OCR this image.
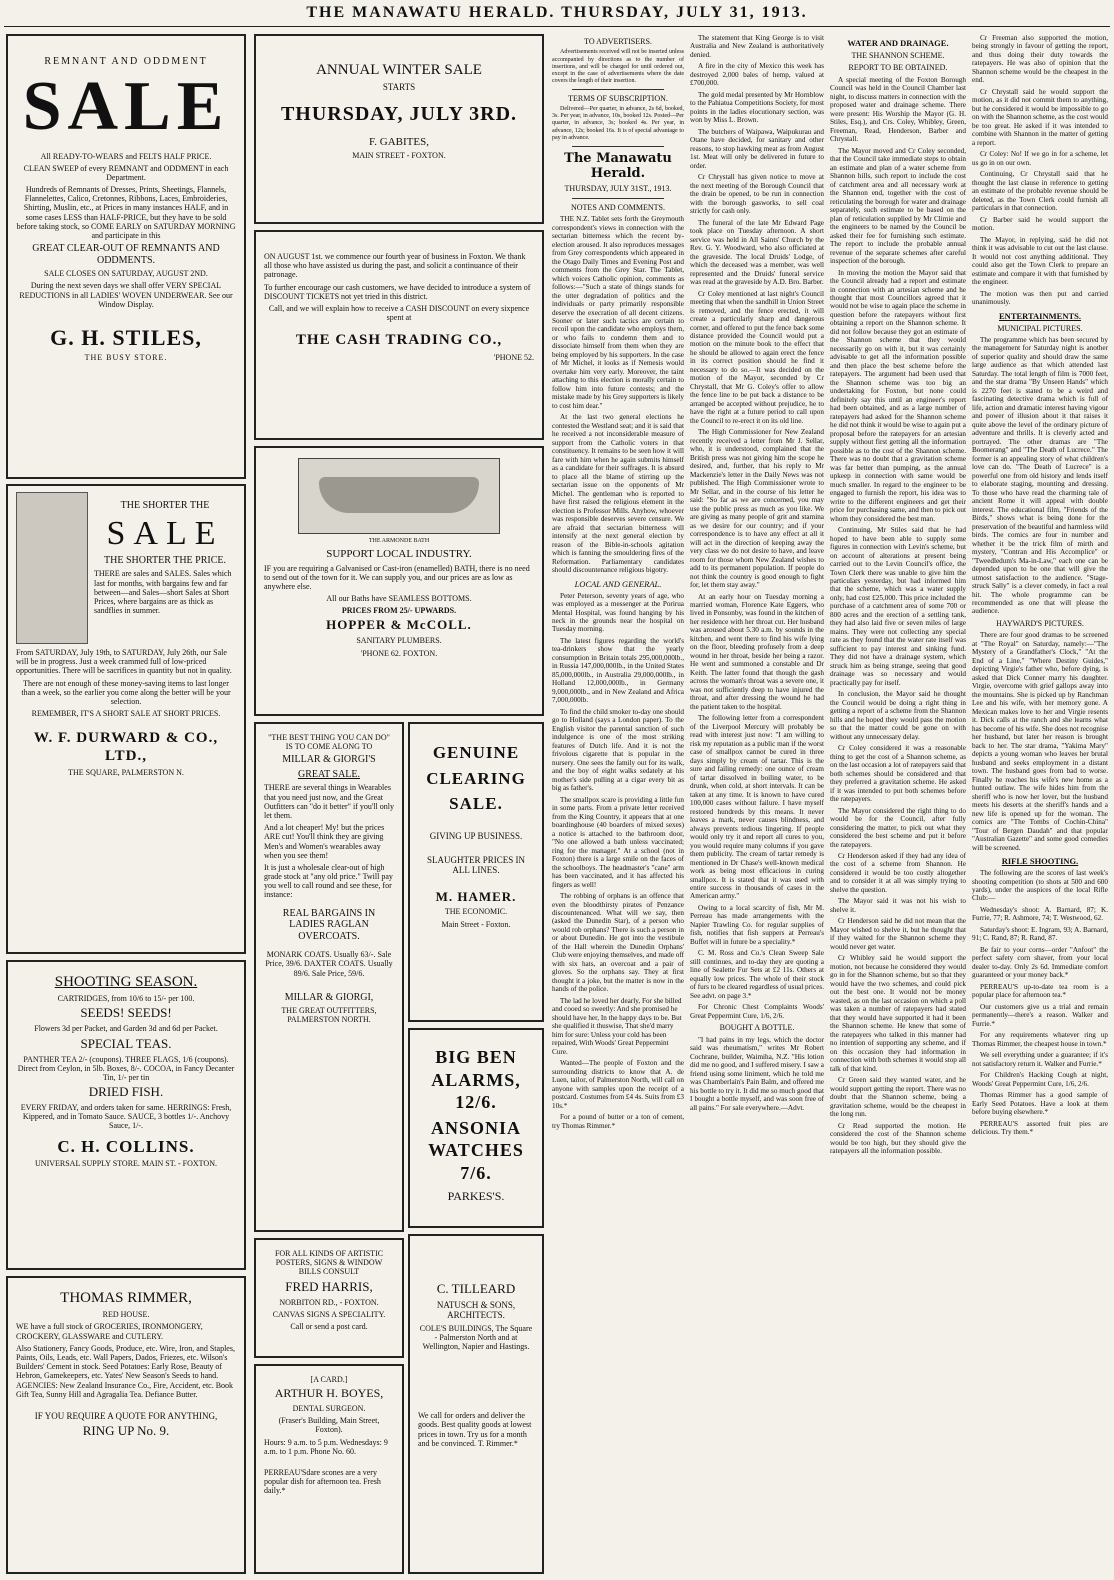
THE MANAWATU HERALD. THURSDAY, JULY 31, 1913.

REMNANT AND ODDMENT

SALE

All READY-TO-WEARS and FELTS HALF PRICE.

CLEAN SWEEP of every REMNANT and ODDMENT in each Department.

Hundreds of Remnants of Dresses, Prints, Sheetings, Flannels, Flannelettes, Calico, Cretonnes, Ribbons, Laces, Embroideries, Shirting, Muslin, etc., at Prices in many instances HALF, and in some cases LESS than HALF-PRICE, but they have to be sold before taking stock, so COME EARLY on SATURDAY MORNING and participate in this

GREAT CLEAR-OUT OF REMNANTS AND ODDMENTS.

SALE CLOSES ON SATURDAY, AUGUST 2ND.

During the next seven days we shall offer VERY SPECIAL REDUCTIONS in all LADIES' WOVEN UNDERWEAR. See our Window Display.

G. H. STILES,

THE BUSY STORE.

THE SHORTER THE

SALE

THE SHORTER THE PRICE.

THERE are sales and SALES. Sales which last for months, with bargains few and far between—and Sales—short Sales at Short Prices, where bargains are as thick as sandflies in summer.

From SATURDAY, July 19th, to SATURDAY, July 26th, our Sale will be in progress. Just a week crammed full of low-priced opportunities. There will be sacrifices in quantity but not in quality.

There are not enough of these money-saving items to last longer than a week, so the earlier you come along the better will be your selection.

REMEMBER, IT'S A SHORT SALE AT SHORT PRICES.

W. F. DURWARD & CO., LTD.,

THE SQUARE, PALMERSTON N.

SHOOTING SEASON.

CARTRIDGES, from 10/6 to 15/- per 100.

SEEDS! SEEDS!

Flowers 3d per Packet, and Garden 3d and 6d per Packet.

SPECIAL TEAS.

PANTHER TEA 2/- (coupons). THREE FLAGS, 1/6 (coupons). Direct from Ceylon, in 5lb. Boxes, 8/-. COCOA, in Fancy Decanter Tin, 1/- per tin

DRIED FISH.

EVERY FRIDAY, and orders taken for same. HERRINGS: Fresh, Kippered, and in Tomato Sauce. SAUCE, 3 bottles 1/-. Anchovy Sauce, 1/-.

C. H. COLLINS.

UNIVERSAL SUPPLY STORE. MAIN ST. - FOXTON.

THOMAS RIMMER,

RED HOUSE.

WE have a full stock of GROCERIES, IRONMONGERY, CROCKERY, GLASSWARE and CUTLERY.

Also Stationery, Fancy Goods, Produce, etc. Wire, Iron, and Staples, Paints, Oils, Leads, etc. Wall Papers, Dados, Friezes, etc. Wilson's Builders' Cement in stock. Seed Potatoes: Early Rose, Beauty of Hebron, Gamekeepers, etc. Yates' New Season's Seeds to hand. AGENCIES: New Zealand Insurance Co., Fire, Accident, etc. Book Gift Tea, Sunny Hill and Agragalia Tea. Defiance Butter.

IF YOU REQUIRE A QUOTE FOR ANYTHING,

RING UP No. 9.

ANNUAL WINTER SALE

STARTS

THURSDAY, JULY 3RD.

F. GABITES,

MAIN STREET - FOXTON.

ON AUGUST 1st. we commence our fourth year of business in Foxton. We thank all those who have assisted us during the past, and solicit a continuance of their patronage.

To further encourage our cash customers, we have decided to introduce a system of DISCOUNT TICKETS not yet tried in this district.

Call, and we will explain how to receive a CASH DISCOUNT on every sixpence spent at

THE CASH TRADING CO.,

'PHONE 52.

THE ARMONDE BATH

SUPPORT LOCAL INDUSTRY.

IF you are requiring a Galvanised or Cast-iron (enamelled) BATH, there is no need to send out of the town for it. We can supply you, and our prices are as low as anywhere else.

All our Baths have SEAMLESS BOTTOMS.

PRICES FROM 25/- UPWARDS.

HOPPER & McCOLL.

SANITARY PLUMBERS.

'PHONE 62. FOXTON.

"THE BEST THING YOU CAN DO" IS TO COME ALONG TO

MILLAR & GIORGI'S

GREAT SALE.

THERE are several things in Wearables that you need just now, and the Great Outfitters can "do it better" if you'll only let them.

And a lot cheaper! My! but the prices ARE cut! You'll think they are giving Men's and Women's wearables away when you see them!

It is just a wholesale clear-out of high grade stock at "any old price." Twill pay you well to call round and see these, for instance:

REAL BARGAINS IN LADIES RAGLAN OVERCOATS.

MONARK COATS. Usually 63/-. Sale Price, 39/6. DAXTER COATS. Usually 89/6. Sale Price, 59/6.

MILLAR & GIORGI,

THE GREAT OUTFITTERS, PALMERSTON NORTH.

FOR ALL KINDS OF ARTISTIC POSTERS, SIGNS & WINDOW BILLS CONSULT

FRED HARRIS,

NORBITON RD., - FOXTON.

CANVAS SIGNS A SPECIALITY.

Call or send a post card.

[A CARD.]

ARTHUR H. BOYES,

DENTAL SURGEON.

(Fraser's Building, Main Street, Foxton).

Hours: 9 a.m. to 5 p.m. Wednesdays: 9 a.m. to 1 p.m. Phone No. 60.

PERREAU'Sdare scones are a very popular dish for afternoon tea. Fresh daily.*

GENUINE CLEARING SALE.

GIVING UP BUSINESS.

SLAUGHTER PRICES IN ALL LINES.

M. HAMER.

THE ECONOMIC.

Main Street - Foxton.

BIG BEN ALARMS, 12/6.

ANSONIA WATCHES 7/6.

PARKES'S.

C. TILLEARD

NATUSCH & SONS, ARCHITECTS.

COLE'S BUILDINGS, The Square - Palmerston North and at Wellington, Napier and Hastings.

We call for orders and deliver the goods. Best quality goods at lowest prices in town. Try us for a month and be convinced. T. Rimmer.*

TO ADVERTISERS.

Advertisements received will not be inserted unless accompanied by directions as to the number of insertions, and will be charged for until ordered out, except in the case of advertisements where the date covers the length of their insertion.

TERMS OF SUBSCRIPTION.

Delivered—Per quarter, in advance, 2s 6d, booked, 3s. Per year, in advance, 10s, booked 12s. Posted—Per quarter, in advance, 3s; booked 4s. Per year, in advance, 12s; booked 16s. It is of special advantage to pay in advance.

The Manawatu Herald.
THURSDAY, JULY 31ST., 1913.
NOTES AND COMMENTS.

THE N.Z. Tablet sets forth the Greymouth correspondent's views in connection with the sectarian bitterness which the recent by-election aroused. It also reproduces messages from Grey correspondents which appeared in the Otago Daily Times and Evening Post and comments from the Grey Star. The Tablet, which voices Catholic opinion, comments as follows:—"Such a state of things stands for the utter degradation of politics and the individuals or party primarily responsible deserve the execration of all decent citizens. Sooner or later such tactics are certain to recoil upon the candidate who employs them, or who fails to condemn them and to dissociate himself from them when they are being employed by his supporters. In the case of Mr Michel, it looks as if Nemesis would overtake him very early. Moreover, the taint attaching to this election is morally certain to follow him into future contests; and the mistake made by his Grey supporters is likely to cost him dear."

At the last two general elections he contested the Westland seat; and it is said that he received a not inconsiderable measure of support from the Catholic voters in that constituency. It remains to be seen how it will fare with him when he again submits himself as a candidate for their suffrages. It is absurd to place all the blame of stirring up the sectarian issue on the opponents of Mr Michel. The gentleman who is reported to have first raised the religious element in the election is Professor Mills. Anyhow, whoever was responsible deserves severe censure. We are afraid that sectarian bitterness will intensify at the next general election by reason of the Bible-in-schools agitation which is fanning the smouldering fires of the Reformation. Parliamentary candidates should discountenance religious bigotry.

LOCAL AND GENERAL.

Peter Peterson, seventy years of age, who was employed as a messenger at the Porirua Mental Hospital, was found hanging by his neck in the grounds near the hospital on Tuesday morning.

The latest figures regarding the world's tea-drinkers show that the yearly consumption in Britain totals 295,000,000lb., in Russia 147,000,000lb., in the United States 85,000,000lb., in Australia 29,000,000lb., in Holland 12,000,000lb., in Germany 9,000,000lb., and in New Zealand and Africa 7,000,000lb.

To find the child smoker to-day one should go to Holland (says a London paper). To the English visitor the parental sanction of such indulgence is one of the most striking features of Dutch life. And it is not the frivolous cigarette that is popular in the nursery. One sees the family out for its walk, and the boy of eight walks sedately at his mother's side pulling at a cigar every bit as big as father's.

The smallpox scare is providing a little fun in some parts. From a private letter received from the King Country, it appears that at one boardinghouse (40 boarders of mixed sexes) a notice is attached to the bathroom door, "No one allowed a bath unless vaccinated; ring for the manager." At a school (not in Foxton) there is a large smile on the faces of the schoolboys. The headmaster's "cane" arm has been vaccinated, and it has affected his fingers as well!

The robbing of orphans is an offence that even the bloodthirsty pirates of Penzance discountenanced. What will we say, then (asked the Dunedin Star), of a person who would rob orphans? There is such a person in or about Dunedin. He got into the vestibule of the Hall wherein the Dunedin Orphans' Club were enjoying themselves, and made off with six hats, an overcoat and a pair of gloves. So the orphans say. They at first thought it a joke, but the matter is now in the hands of the police.

The lad he loved her dearly, For she billed and cooed so sweetly: And she promised he should have her, In the happy days to be. But she qualified it thuswise, That she'd marry him for sure: Unless your cold has been repaired, With Woods' Great Peppermint Cure.

Wanted—The people of Foxton and the surrounding districts to know that A. de Luen, tailor, of Palmerston North, will call on anyone with samples upon the receipt of a postcard. Costumes from £4 4s. Suits from £3 10s.*

For a pound of butter or a ton of cement, try Thomas Rimmer.*

The statement that King George is to visit Australia and New Zealand is authoritatively denied.

A fire in the city of Mexico this week has destroyed 2,000 bales of hemp, valued at £700,000.

The gold medal presented by Mr Hornblow to the Pahiatua Competitions Society, for most points in the ladies elocutionary section, was won by Miss L. Brown.

The butchers of Waipawa, Waipukurau and Otane have decided, for sanitary and other reasons, to stop hawking meat as from August 1st. Meat will only be delivered in future to order.

Cr Chrystall has given notice to move at the next meeting of the Borough Council that the drain be opened, to be run in connection with the borough gasworks, to sell coal strictly for cash only.

The funeral of the late Mr Edward Page took place on Tuesday afternoon. A short service was held in All Saints' Church by the Rev. G. Y. Woodward, who also officiated at the graveside. The local Druids' Lodge, of which the deceased was a member, was well represented and the Druids' funeral service was read at the graveside by A.D. Bro. Barber.

Cr Coley mentioned at last night's Council meeting that when the sandhill in Union Street is removed, and the fence erected, it will create a particularly sharp and dangerous corner, and offered to put the fence back some distance provided the Council would put a motion on the minute book to the effect that he should be allowed to again erect the fence in its correct position should he find it necessary to do so.—It was decided on the motion of the Mayor, seconded by Cr Chrystall, that Mr G. Coley's offer to allow the fence line to be put back a distance to be arranged be accepted without prejudice, he to have the right at a future period to call upon the Council to re-erect it on its old line.

The High Commissioner for New Zealand recently received a letter from Mr J. Sellar, who, it is understood, complained that the British press was not giving him the scope he desired, and, further, that his reply to Mr Mackenzie's letter in the Daily News was not published. The High Commissioner wrote to Mr Sellar, and in the course of his letter he said: "So far as we are concerned, you may use the public press as much as you like. We are giving as many people of grit and stamina as we desire for our country; and if your correspondence is to have any effect at all it will act in the direction of keeping away the very class we do not desire to have, and leave room for those whom New Zealand wishes to add to its permanent population. If people do not think the country is good enough to fight for, let them stay away."

At an early hour on Tuesday morning a married woman, Florence Kate Eggers, who lived in Ponsonby, was found in the kitchen of her residence with her throat cut. Her husband was aroused about 5.30 a.m. by sounds in the kitchen, and went there to find his wife lying on the floor, bleeding profusely from a deep wound in her throat, beside her being a razor. He went and summoned a constable and Dr Keith. The latter found that though the gash across the woman's throat was a severe one, it was not sufficiently deep to have injured the throat, and after dressing the wound he had the patient taken to the hospital.

The following letter from a correspondent of the Liverpool Mercury will probably be read with interest just now: "I am willing to risk my reputation as a public man if the worst case of smallpox cannot be cured in three days simply by cream of tartar. This is the sure and failing remedy: one ounce of cream of tartar dissolved in boiling water, to be drunk, when cold, at short intervals. It can be taken at any time. It is known to have cured 100,000 cases without failure. I have myself restored hundreds by this means. It never leaves a mark, never causes blindness, and always prevents tedious lingering. If people would only try it and report all cures to you, you would require many columns if you gave them publicity. The cream of tartar remedy is mentioned in Dr Chase's well-known medical work as being most efficacious in curing smallpox. It is stated that it was used with entire success in thousands of cases in the American army."

Owing to a local scarcity of fish, Mr M. Perreau has made arrangements with the Napier Trawling Co. for regular supplies of fish, notifies that fish suppers at Perreau's Buffet will in future be a speciality.*

C. M. Ross and Co.'s Clean Sweep Sale still continues, and to-day they are quoting a line of Sealette Fur Sets at £2 11s. Others at equally low prices. The whole of their stock of furs to be cleared regardless of usual prices. See advt. on page 3.*

For Chronic Chest Complaints Woods' Great Peppermint Cure, 1/6, 2/6.

BOUGHT A BOTTLE.

"I had pains in my legs, which the doctor said was rheumatism," writes Mr Robert Cochrane, builder, Waimiha, N.Z. "His lotion did me no good, and I suffered misery. I saw a friend using some liniment, which he told me was Chamberlain's Pain Balm, and offered me his bottle to try it. It did me so much good that I bought a bottle myself, and was soon free of all pains." For sale everywhere.—Advt.

WATER AND DRAINAGE.
THE SHANNON SCHEME.
REPORT TO BE OBTAINED.

A special meeting of the Foxton Borough Council was held in the Council Chamber last night, to discuss matters in connection with the proposed water and drainage scheme. There were present: His Worship the Mayor (G. H. Stiles, Esq.), and Crs. Coley, Whibley, Green, Freeman, Read, Henderson, Barber and Chrystall.

The Mayor moved and Cr Coley seconded, that the Council take immediate steps to obtain an estimate and plan of a water scheme from Shannon hills, such report to include the cost of catchment area and all necessary work at the Shannon end, together with the cost of reticulating the borough for water and drainage separately, such estimate to be based on the plan of reticulation supplied by Mr Climie and the engineers to be named by the Council be asked their fee for furnishing such estimate. The report to include the probable annual revenue of the separate schemes after careful inspection of the borough.

In moving the motion the Mayor said that the Council already had a report and estimate in connection with an artesian scheme and he thought that most Councillors agreed that it would not be wise to again place the scheme in question before the ratepayers without first obtaining a report on the Shannon scheme. It did not follow because they got an estimate of the Shannon scheme that they would necessarily go on with it, but it was certainly advisable to get all the information possible and then place the best scheme before the ratepayers. The argument had been used that the Shannon scheme was too big an undertaking for Foxton, but none could definitely say this until an engineer's report had been obtained, and as a large number of ratepayers had asked for the Shannon scheme he did not think it would be wise to again put a proposal before the ratepayers for an artesian supply without first getting all the information possible as to the cost of the Shannon scheme. There was no doubt that a gravitation scheme was far better than pumping, as the annual upkeep in connection with same would be much smaller. In regard to the engineer to be engaged to furnish the report, his idea was to write to the different engineers and get their price for purchasing same, and then to pick out whom they considered the best man.

Continuing, Mr Stiles said that he had hoped to have been able to supply some figures in connection with Levin's scheme, but on account of alterations at present being carried out to the Levin Council's office, the Town Clerk there was unable to give him the particulars yesterday, but had informed him that the scheme, which was a water supply only, had cost £25,000. This price included the purchase of a catchment area of some 700 or 800 acres and the erection of a settling tank, they had also laid five or seven miles of large mains. They were not collecting any special rate as they found that the water rate itself was sufficient to pay interest and sinking fund. They did not have a drainage system, which struck him as being strange, seeing that good drainage was so necessary and would practically pay for itself.

In conclusion, the Mayor said he thought the Council would be doing a right thing in getting a report of a scheme from the Shannon hills and he hoped they would pass the motion so that the matter could be gone on with without any unnecessary delay.

Cr Coley considered it was a reasonable thing to get the cost of a Shannon scheme, as on the last occasion a lot of ratepayers said that both schemes should be considered and that they preferred a gravitation scheme. He asked if it was intended to put both schemes before the ratepayers.

The Mayor considered the right thing to do would be for the Council, after fully considering the matter, to pick out what they considered the best scheme and put it before the ratepayers.

Cr Henderson asked if they had any idea of the cost of a scheme from Shannon. He considered it would be too costly altogether and to consider it at all was simply trying to shelve the question.

The Mayor said it was not his wish to shelve it.

Cr Henderson said he did not mean that the Mayor wished to shelve it, but he thought that if they waited for the Shannon scheme they would never get water.

Cr Whibley said he would support the motion, not because he considered they would go in for the Shannon scheme, but so that they would have the two schemes, and could pick out the best one. It would not be money wasted, as on the last occasion on which a poll was taken a number of ratepayers had stated that they would have supported it had it been the Shannon scheme. He knew that some of the ratepayers who talked in this manner had no intention of supporting any scheme, and if on this occasion they had information in connection with both schemes it would stop all talk of that kind.

Cr Green said they wanted water, and he would support getting the report. There was no doubt that the Shannon scheme, being a gravitation scheme, would be the cheapest in the long run.

Cr Read supported the motion. He considered the cost of the Shannon scheme would be too high, but they should give the ratepayers all the information possible.

Cr Freeman also supported the motion, being strongly in favour of getting the report, and thus doing their duty towards the ratepayers. He was also of opinion that the Shannon scheme would be the cheapest in the end.

Cr Chrystall said he would support the motion, as it did not commit them to anything, but he considered it would be impossible to go on with the Shannon scheme, as the cost would be too great. He asked if it was intended to combine with Shannon in the matter of getting a report.

Cr Coley: No! If we go in for a scheme, let us go in on our own.

Continuing, Cr Chrystall said that he thought the last clause in reference to getting an estimate of the probable revenue should be deleted, as the Town Clerk could furnish all particulars in that connection.

Cr Barber said he would support the motion.

The Mayor, in replying, said he did not think it was advisable to cut out the last clause. It would not cost anything additional. They could also get the Town Clerk to prepare an estimate and compare it with that furnished by the engineer.

The motion was then put and carried unanimously.

ENTERTAINMENTS.
MUNICIPAL PICTURES.

The programme which has been secured by the management for Saturday night is another of superior quality and should draw the same large audience as that which attended last Saturday. The total length of film is 7000 feet, and the star drama "By Unseen Hands" which is 2270 feet is stated to be a weird and fascinating detective drama which is full of life, action and dramatic interest having vigour and power of illusion about it that raises it quite above the level of the ordinary picture of adventure and thrills. It is cleverly acted and portrayed. The other dramas are "The Boomerang" and "The Death of Lucrece." The former is an appealing story of what children's love can do. "The Death of Lucrece" is a powerful one from old history and lends itself to elaborate staging, mounting and dressing. To those who have read the charming tale of ancient Rome it will appeal with double interest. The educational film, "Friends of the Birds," shows what is being done for the preservation of the beautiful and harmless wild birds. The comics are four in number and whether it be the trick film of mirth and mystery, "Contran and His Accomplice" or "Tweedledum's Ma-in-Law," each one can be depended upon to be one that will give the utmost satisfaction to the audience. "Stage-struck Sally" is a clever comedy, in fact a real hit. The whole programme can be recommended as one that will please the audience.

HAYWARD'S PICTURES.

There are four good dramas to be screened at "The Royal" on Saturday, namely:—"The Mystery of a Grandfather's Clock," "At the End of a Line," "Where Destiny Guides," depicting Virgie's father who, before dying, is asked that Dick Conner marry his daughter. Virgie, overcome with grief gallops away into the mountains. She is picked up by Ranchman Lee and his wife, with her memory gone. A Mexican makes love to her and Virgie resents it. Dick calls at the ranch and she learns what has become of his wife. She does not recognise her husband, but later her reason is brought back to her. The star drama, "Yakima Mary" depicts a young woman who leaves her brutal husband and seeks employment in a distant town. The husband goes from bad to worse. Finally he reaches his wife's new home as a hunted outlaw. The wife hides him from the sheriff who is now her lover, but the husband meets his deserts at the sheriff's hands and a new life is opened up for the woman. The comics are "The Tombs of Cochin-China" "Tour of Bergen Daudah" and that popular "Australian Gazette" and some good comedies will be screened.

RIFLE SHOOTING.

The following are the scores of last week's shooting competition (to shots at 500 and 600 yards), under the auspices of the local Rifle Club:—

Wednesday's shoot: A. Barnard, 87; K. Furrie, 77; R. Ashmore, 74; T. Westwood, 62.

Saturday's shoot: E. Ingram, 93; A. Barnard, 91; C. Rand, 87; R. Rand, 87.

Be fair to your corns—order "Anfoot" the perfect safety corn shaver, from your local dealer to-day. Only 2s 6d. Immediate comfort guaranteed or your money back.*

PERREAU'S up-to-date tea room is a popular place for afternoon tea.*

Our customers give us a trial and remain permanently—there's a reason. Walker and Furrie.*

For any requirements whatever ring up Thomas Rimmer, the cheapest house in town.*

We sell everything under a guarantee; if it's not satisfactory return it. Walker and Furrie.*

For Children's Hacking Cough at night, Woods' Great Peppermint Cure, 1/6, 2/6.

Thomas Rimmer has a good sample of Early Seed Potatoes. Have a look at them before buying elsewhere.*

PERREAU'S assorted fruit pies are delicious. Try them.*
